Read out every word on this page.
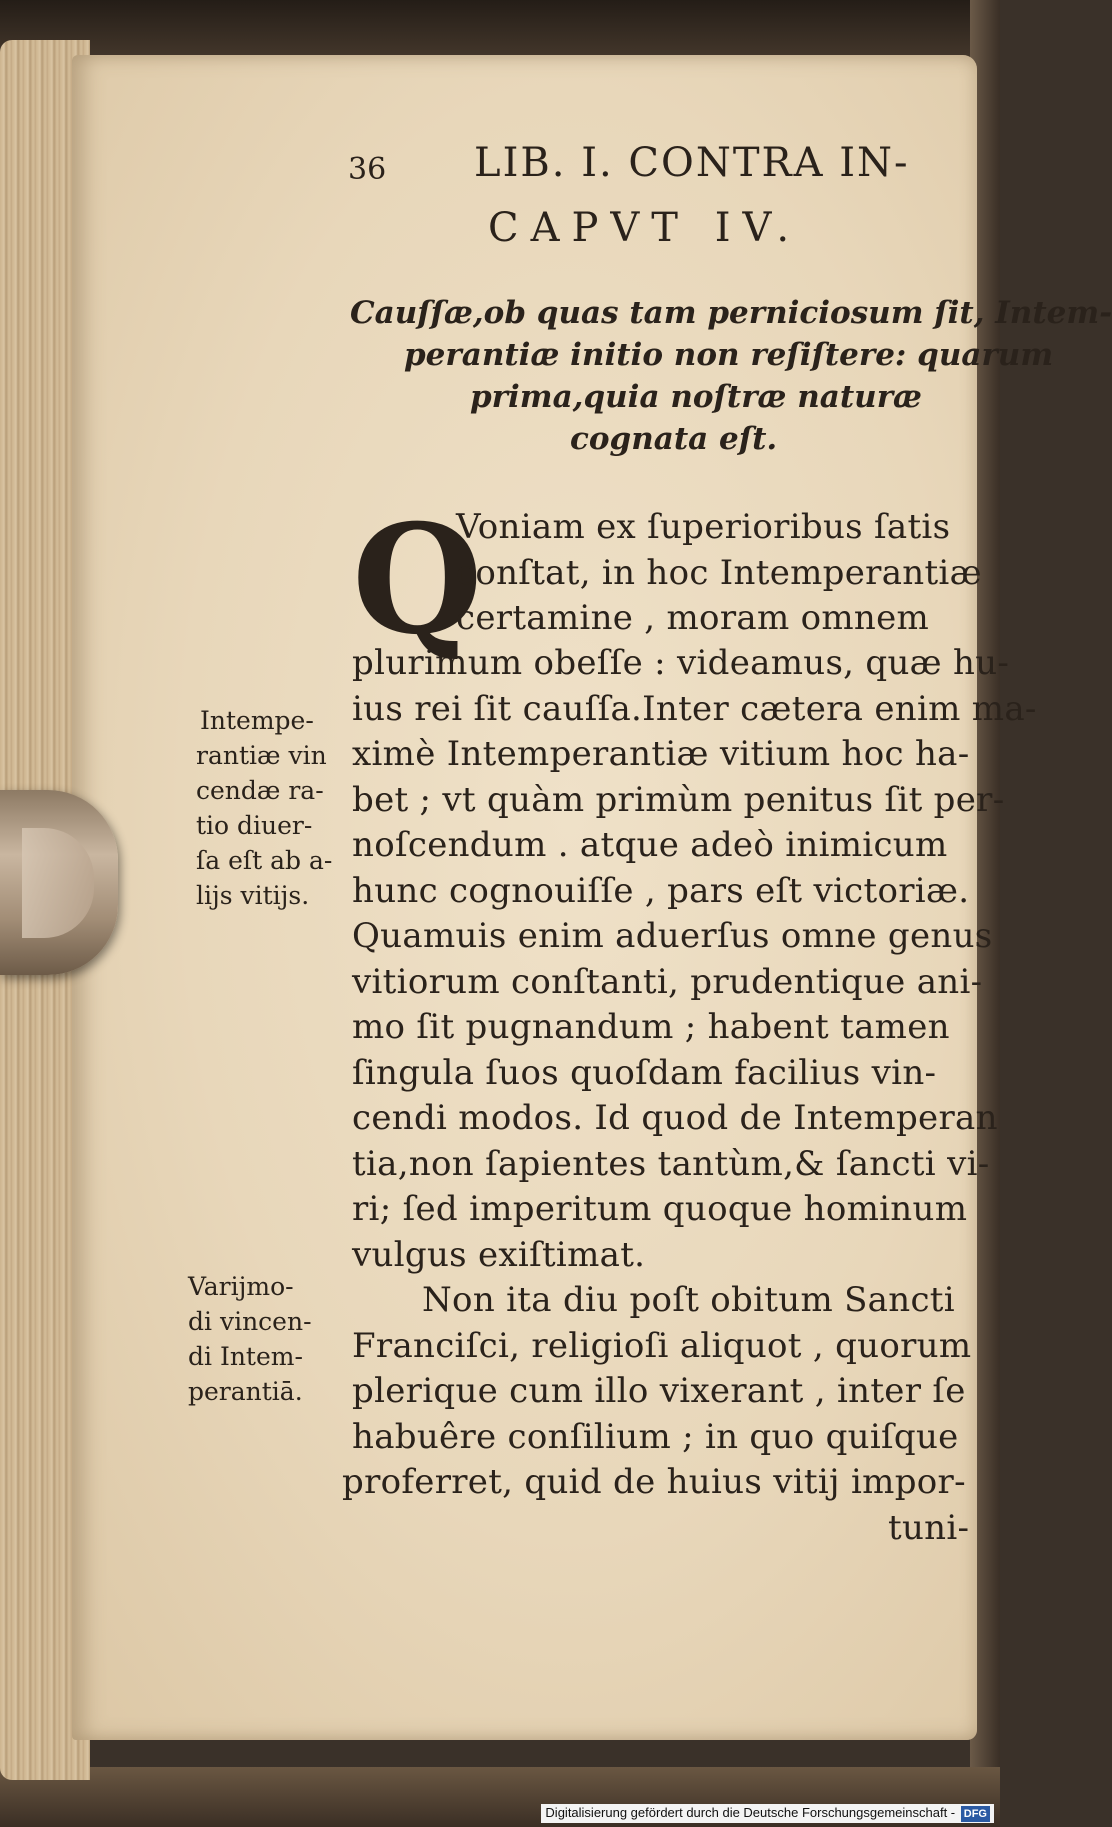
36 LIB. I. CONTRA IN-
CAPVT IV.
Cauſſæ,ob quas tam perniciosum ſit, Intem-
perantiæ initio non reſiſtere: quarum
prima,quia noſtræ naturæ
cognata eſt.
Q
Voniam ex ſuperioribus ſatis
conſtat, in hoc Intemperantiæ
certamine , moram omnem
plurimum obeſſe : videamus, quæ hu-
ius rei ſit cauſſa.Inter cætera enim ma-
ximè Intemperantiæ vitium hoc ha-
bet ; vt quàm primùm penitus ſit per-
noſcendum . atque adeò inimicum
hunc cognouiſſe , pars eſt victoriæ.
Quamuis enim aduerſus omne genus
vitiorum conſtanti, prudentique ani-
mo ſit pugnandum ; habent tamen
ſingula ſuos quoſdam facilius vin-
cendi modos. Id quod de Intemperan
tia,non ſapientes tantùm,& ſancti vi-
ri; ſed imperitum quoque hominum
vulgus exiſtimat.
Non ita diu poſt obitum Sancti
Franciſci, religioſi aliquot , quorum
plerique cum illo vixerant , inter ſe
habuêre conſilium ; in quo quiſque
proferret, quid de huius vitij impor-
tuni-
Intempe-
rantiæ vin
cendæ ra-
tio diuer-
ſa eſt ab a-
lijs vitijs.
Varijmo-
di vincen-
di Intem-
perantiā.
Digitalisierung gefördert durch die Deutsche Forschungsgemeinschaft - DFG
